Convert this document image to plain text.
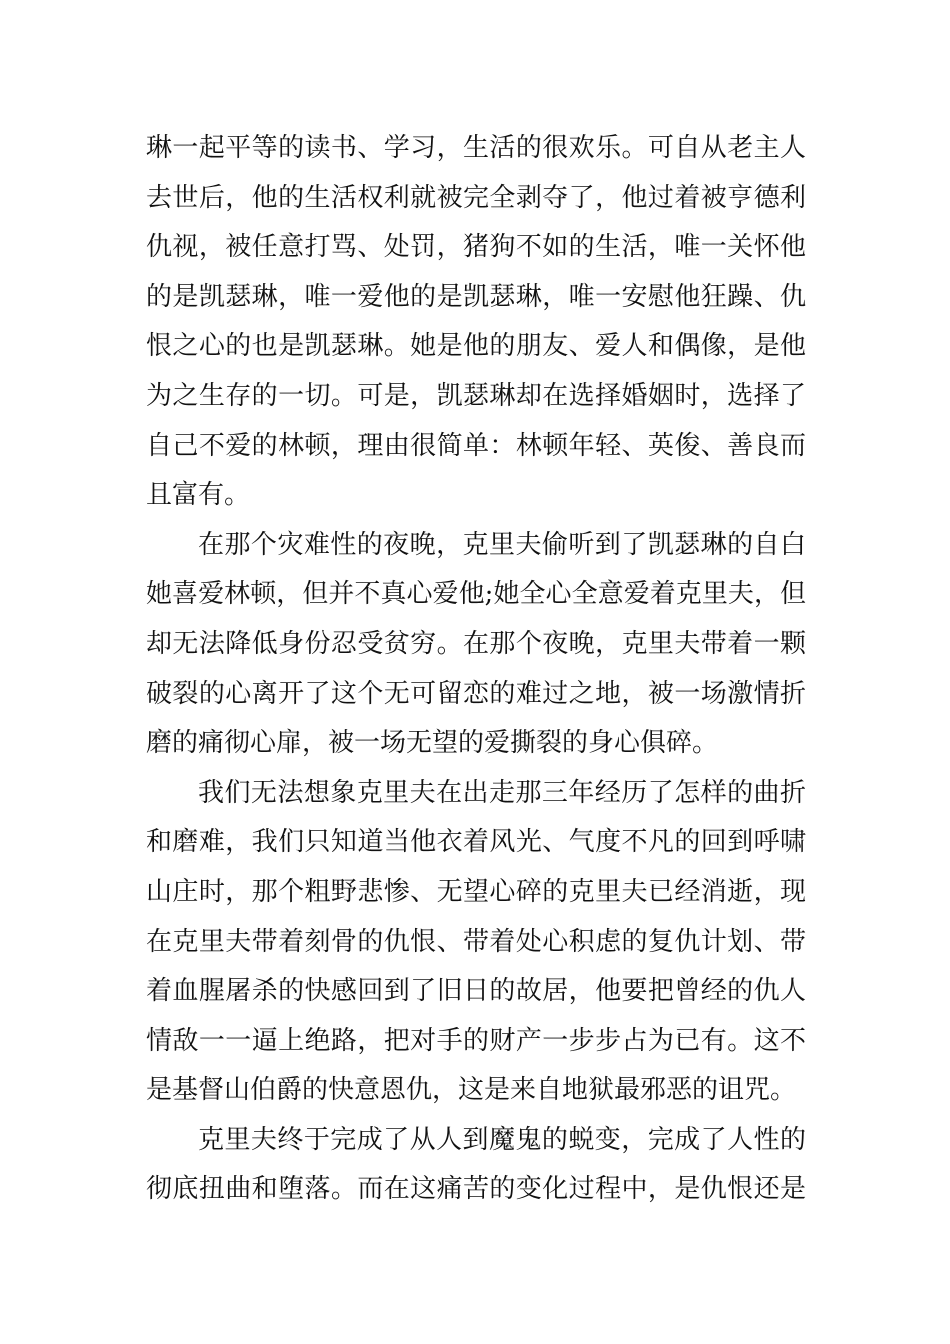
琳一起平等的读书、学习，生活的很欢乐。可自从老主人
去世后，他的生活权利就被完全剥夺了，他过着被亨德利
仇视，被任意打骂、处罚，猪狗不如的生活，唯一关怀他
的是凯瑟琳，唯一爱他的是凯瑟琳，唯一安慰他狂躁、仇
恨之心的也是凯瑟琳。她是他的朋友、爱人和偶像，是他
为之生存的一切。可是，凯瑟琳却在选择婚姻时，选择了
自己不爱的林顿，理由很简单：林顿年轻、英俊、善良而
且富有。
在那个灾难性的夜晚，克里夫偷听到了凯瑟琳的自白
她喜爱林顿，但并不真心爱他;她全心全意爱着克里夫，但
却无法降低身份忍受贫穷。在那个夜晚，克里夫带着一颗
破裂的心离开了这个无可留恋的难过之地，被一场激情折
磨的痛彻心扉，被一场无望的爱撕裂的身心俱碎。
我们无法想象克里夫在出走那三年经历了怎样的曲折
和磨难，我们只知道当他衣着风光、气度不凡的回到呼啸
山庄时，那个粗野悲惨、无望心碎的克里夫已经消逝，现
在克里夫带着刻骨的仇恨、带着处心积虑的复仇计划、带
着血腥屠杀的快感回到了旧日的故居，他要把曾经的仇人
情敌一一逼上绝路，把对手的财产一步步占为已有。这不
是基督山伯爵的快意恩仇，这是来自地狱最邪恶的诅咒。
克里夫终于完成了从人到魔鬼的蜕变，完成了人性的
彻底扭曲和堕落。而在这痛苦的变化过程中，是仇恨还是
